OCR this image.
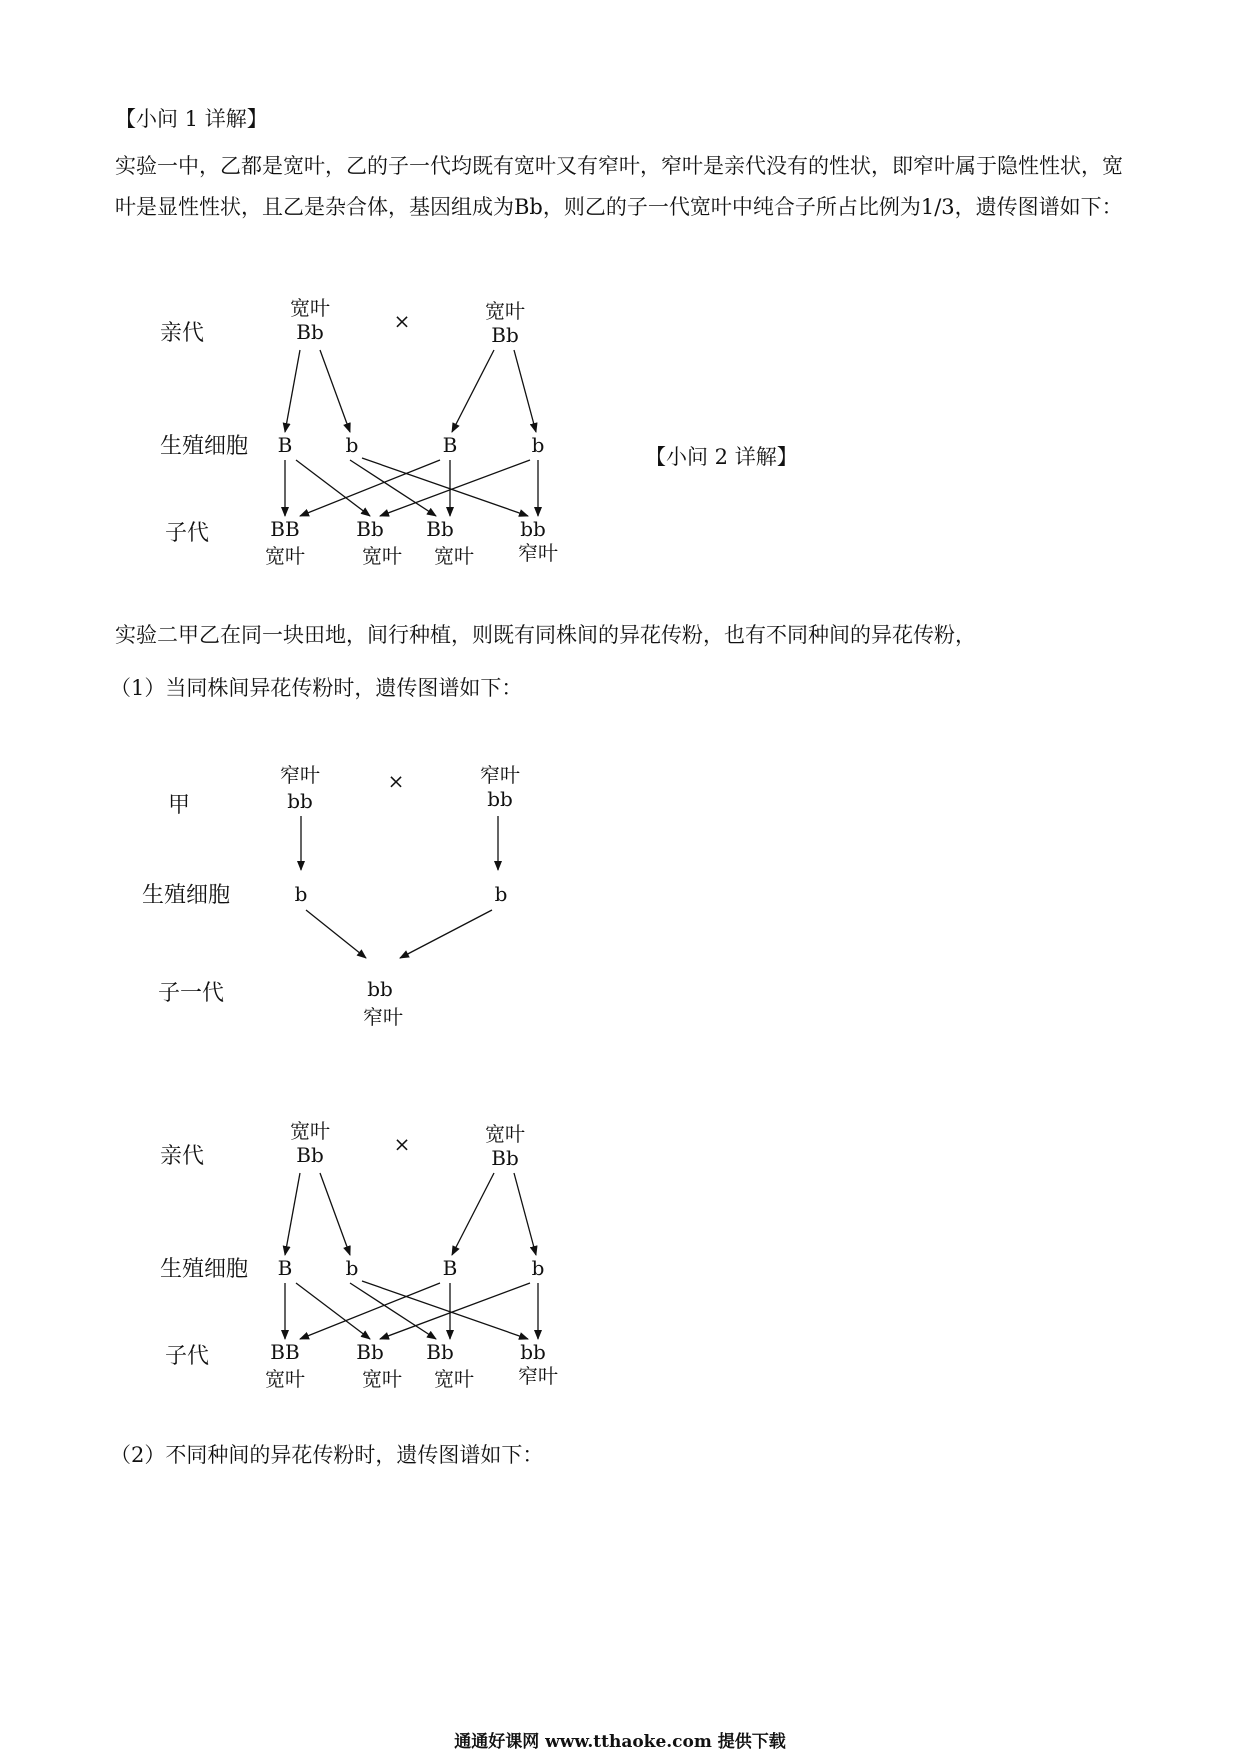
【小问 1 详解】
实验一中，乙都是宽叶，乙的子一代均既有宽叶又有窄叶，窄叶是亲代没有的性状，即窄叶属于隐性性状，宽叶是显性性状，且乙是杂合体，基因组成为Bb，则乙的子一代宽叶中纯合子所占比例为1/3，遗传图谱如下：
亲代
生殖细胞
子代
宽叶
Bb	×	宽叶
Bb
B	b	B	b
BB	Bb Bb	bb
宽叶	宽叶 宽叶 窄叶
【小问 2 详解】
实验二甲乙在同一块田地，间行种植，则既有同株间的异花传粉，也有不同种间的异花传粉，
（1）当同株间异花传粉时，遗传图谱如下：
甲
生殖细胞
子一代
窄叶
bb
×	窄叶
bb
b	b
bb
窄叶
亲代
生殖细胞
子代
宽叶
Bb	×	宽叶
Bb
B	b	B	b
BB	Bb Bb	bb
宽叶	宽叶 宽叶 窄叶
（2）不同种间的异花传粉时，遗传图谱如下：
通通好课网 www.tthaoke.com 提供下载
